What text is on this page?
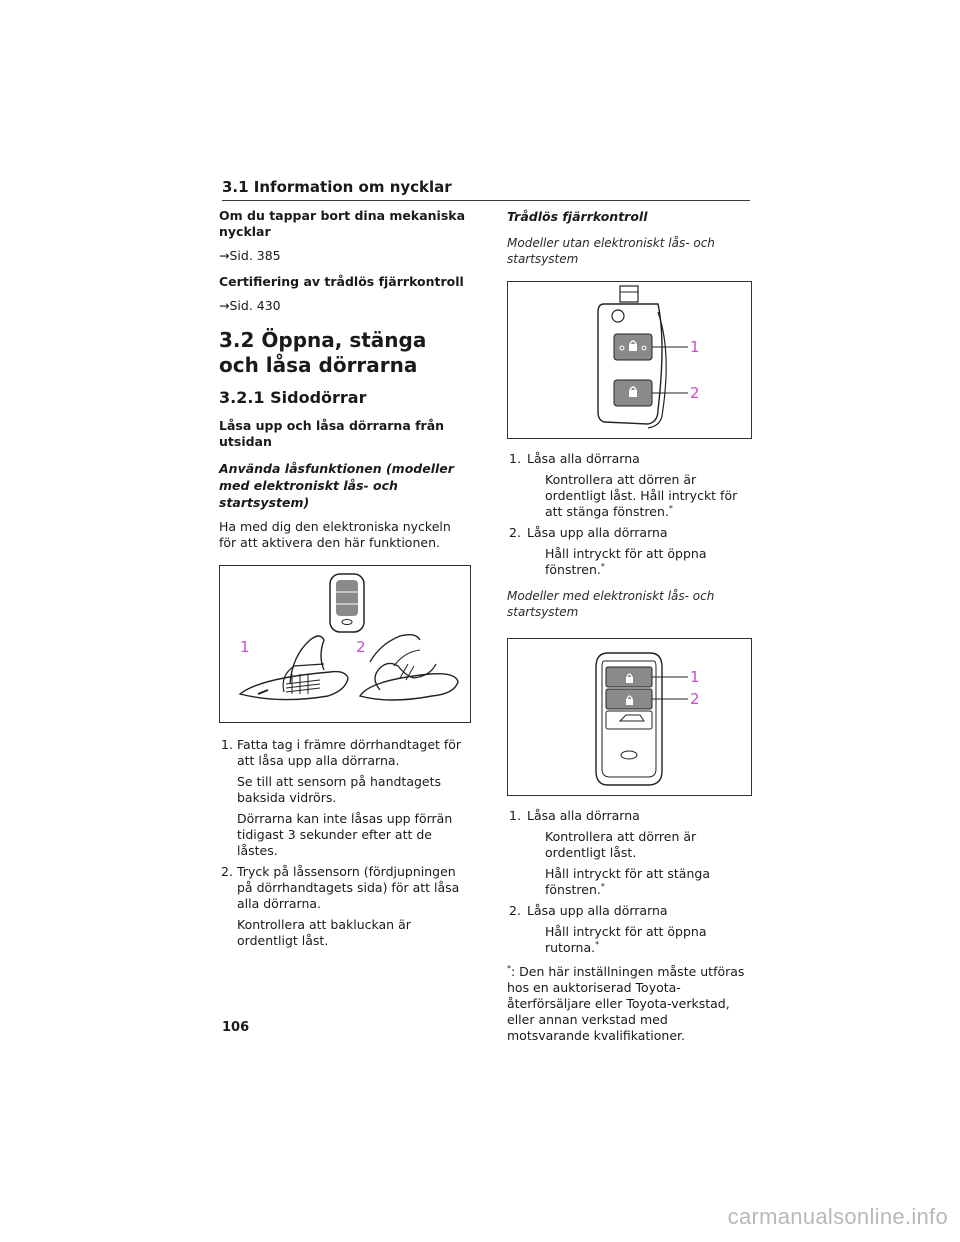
3.1 Information om nycklar

Om du tappar bort dina mekaniska nycklar

→Sid. 385

Certifiering av trådlös fjärrkontroll

→Sid. 430

3.2 Öppna, stänga och låsa dörrarna
3.2.1 Sidodörrar

Låsa upp och låsa dörrarna från utsidan

Använda låsfunktionen (modeller med elektroniskt lås- och startsystem)

Ha med dig den elektroniska nyckeln för att aktivera den här funktionen.

1	2
1. Fatta tag i främre dörrhandtaget för att låsa upp alla dörrarna.

Se till att sensorn på handtagets baksida vidrörs.

Dörrarna kan inte låsas upp förrän tidigast 3 sekunder efter att de låstes.

2. Tryck på låssensorn (fördjupningen på dörrhandtagets sida) för att låsa alla dörrarna.

Kontrollera att bakluckan är ordentligt låst.

Trådlös fjärrkontroll

Modeller utan elektroniskt lås- och startsystem

1
2
1. Låsa alla dörrarna

Kontrollera att dörren är ordentligt låst. Håll intryckt för att stänga fönstren.*

2. Låsa upp alla dörrarna

Håll intryckt för att öppna fönstren.*

Modeller med elektroniskt lås- och startsystem

1
2
1. Låsa alla dörrarna

Kontrollera att dörren är ordentligt låst.

Håll intryckt för att stänga fönstren.*

2. Låsa upp alla dörrarna

Håll intryckt för att öppna rutorna.*

*: Den här inställningen måste utföras hos en auktoriserad Toyota-återförsäljare eller Toyota-verkstad, eller annan verkstad med motsvarande kvalifikationer.

106
carmanualsonline.info
